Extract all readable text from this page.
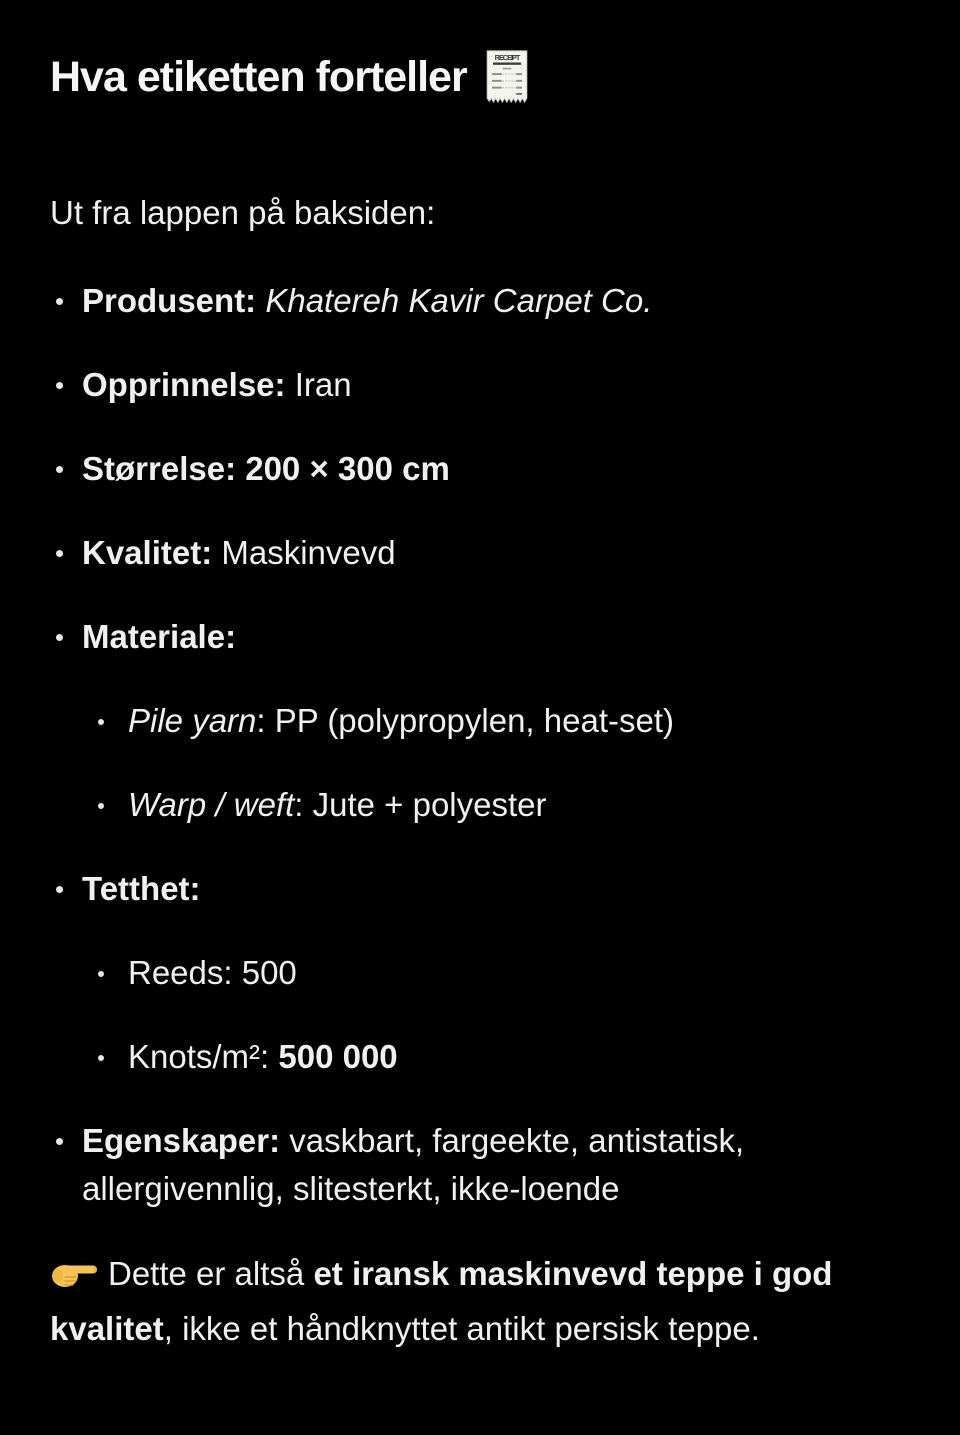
Hva etiketten forteller	RECEIPT

Ut fra lappen på baksiden:

Produsent: Khatereh Kavir Carpet Co.
Opprinnelse: Iran
Størrelse: 200 × 300 cm
Kvalitet: Maskinvevd
Materiale:
Pile yarn: PP (polypropylen, heat-set)
Warp / weft: Jute + polyester
Tetthet:
Reeds: 500
Knots/m²: 500 000
Egenskaper: vaskbart, fargeekte, antistatisk, allergivennlig, slitesterkt, ikke-loende

Dette er altså et iransk maskinvevd teppe i god kvalitet, ikke et håndknyttet antikt persisk teppe.
